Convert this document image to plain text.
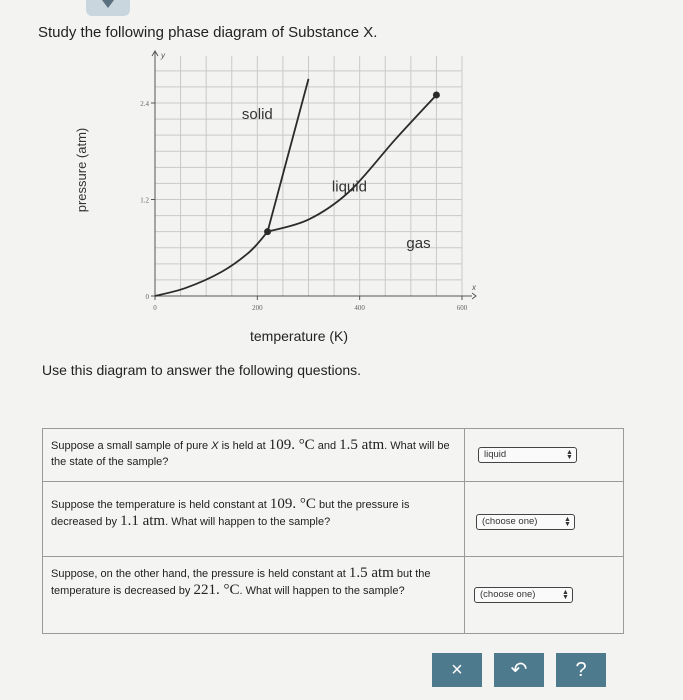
Study the following phase diagram of Substance X.
x
y
0	200	400	600
0
1.2
2.4
solid
liquid
gas
pressure (atm)
temperature (K)
Use this diagram to answer the following questions.
Suppose a small sample of pure X is held at 109. °C and 1.5 atm. What will be the state of the sample?
liquid	▲
▼
Suppose the temperature is held constant at 109. °C but the pressure is decreased by 1.1 atm. What will happen to the sample?	(choose one)	▲
▼
Suppose, on the other hand, the pressure is held constant at 1.5 atm but the temperature is decreased by 221. °C. What will happen to the sample?	(choose one)	▲
▼
×	↶	?
